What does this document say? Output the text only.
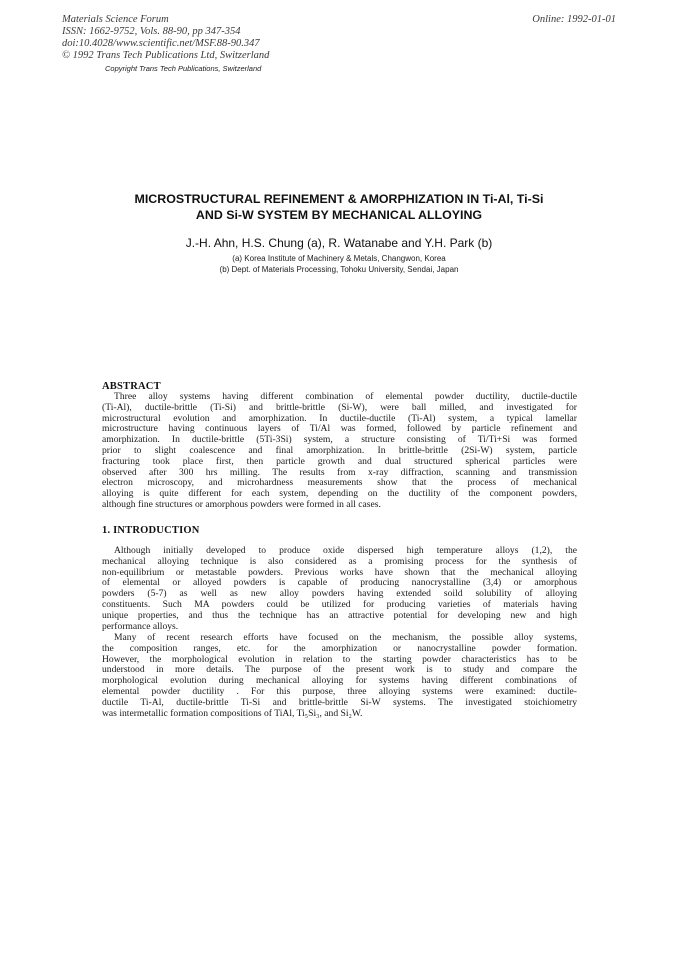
Materials Science Forum
ISSN: 1662-9752, Vols. 88-90, pp 347-354
doi:10.4028/www.scientific.net/MSF.88-90.347
© 1992 Trans Tech Publications Ltd, Switzerland
Online: 1992-01-01
Copyright Trans Tech Publications, Switzerland
MICROSTRUCTURAL REFINEMENT & AMORPHIZATION IN Ti-Al, Ti-Si
AND Si-W SYSTEM BY MECHANICAL ALLOYING
J.-H. Ahn, H.S. Chung (a), R. Watanabe and Y.H. Park (b)
(a) Korea Institute of Machinery & Metals, Changwon, Korea
(b) Dept. of Materials Processing, Tohoku University, Sendai, Japan
ABSTRACT
Three alloy systems having different combination of elemental powder ductility, ductile-ductile
(Ti-Al), ductile-brittle (Ti-Si) and brittle-brittle (Si-W), were ball milled, and investigated for
microstructural evolution and amorphization. In ductile-ductile (Ti-Al) system, a typical lamellar
microstructure having continuous layers of Ti/Al was formed, followed by particle refinement and
amorphization. In ductile-brittle (5Ti-3Si) system, a structure consisting of Ti/Ti+Si was formed
prior to slight coalescence and final amorphization. In brittle-brittle (2Si-W) system, particle
fracturing took place first, then particle growth and dual structured spherical particles were
observed after 300 hrs milling. The results from x-ray diffraction, scanning and transmission
electron microscopy, and microhardness measurements show that the process of mechanical
alloying is quite different for each system, depending on the ductility of the component powders,
although fine structures or amorphous powders were formed in all cases.
1. INTRODUCTION
Although initially developed to produce oxide dispersed high temperature alloys (1,2), the
mechanical alloying technique is also considered as a promising process for the synthesis of
non-equilibrium or metastable powders. Previous works have shown that the mechanical alloying
of elemental or alloyed powders is capable of producing nanocrystalline (3,4) or amorphous
powders (5-7) as well as new alloy powders having extended soild solubility of alloying
constituents. Such MA powders could be utilized for producing varieties of materials having
unique properties, and thus the technique has an attractive potential for developing new and high
performance alloys.
Many of recent research efforts have focused on the mechanism, the possible alloy systems,
the composition ranges, etc. for the amorphization or nanocrystalline powder formation.
However, the morphological evolution in relation to the starting powder characteristics has to be
understood in more details. The purpose of the present work is to study and compare the
morphological evolution during mechanical alloying for systems having different combinations of
elemental powder ductility . For this purpose, three alloying systems were examined: ductile-
ductile Ti-Al, ductile-brittle Ti-Si and brittle-brittle Si-W systems. The investigated stoichiometry
was intermetallic formation compositions of TiAl, Ti₅Si₃, and Si₂W.
